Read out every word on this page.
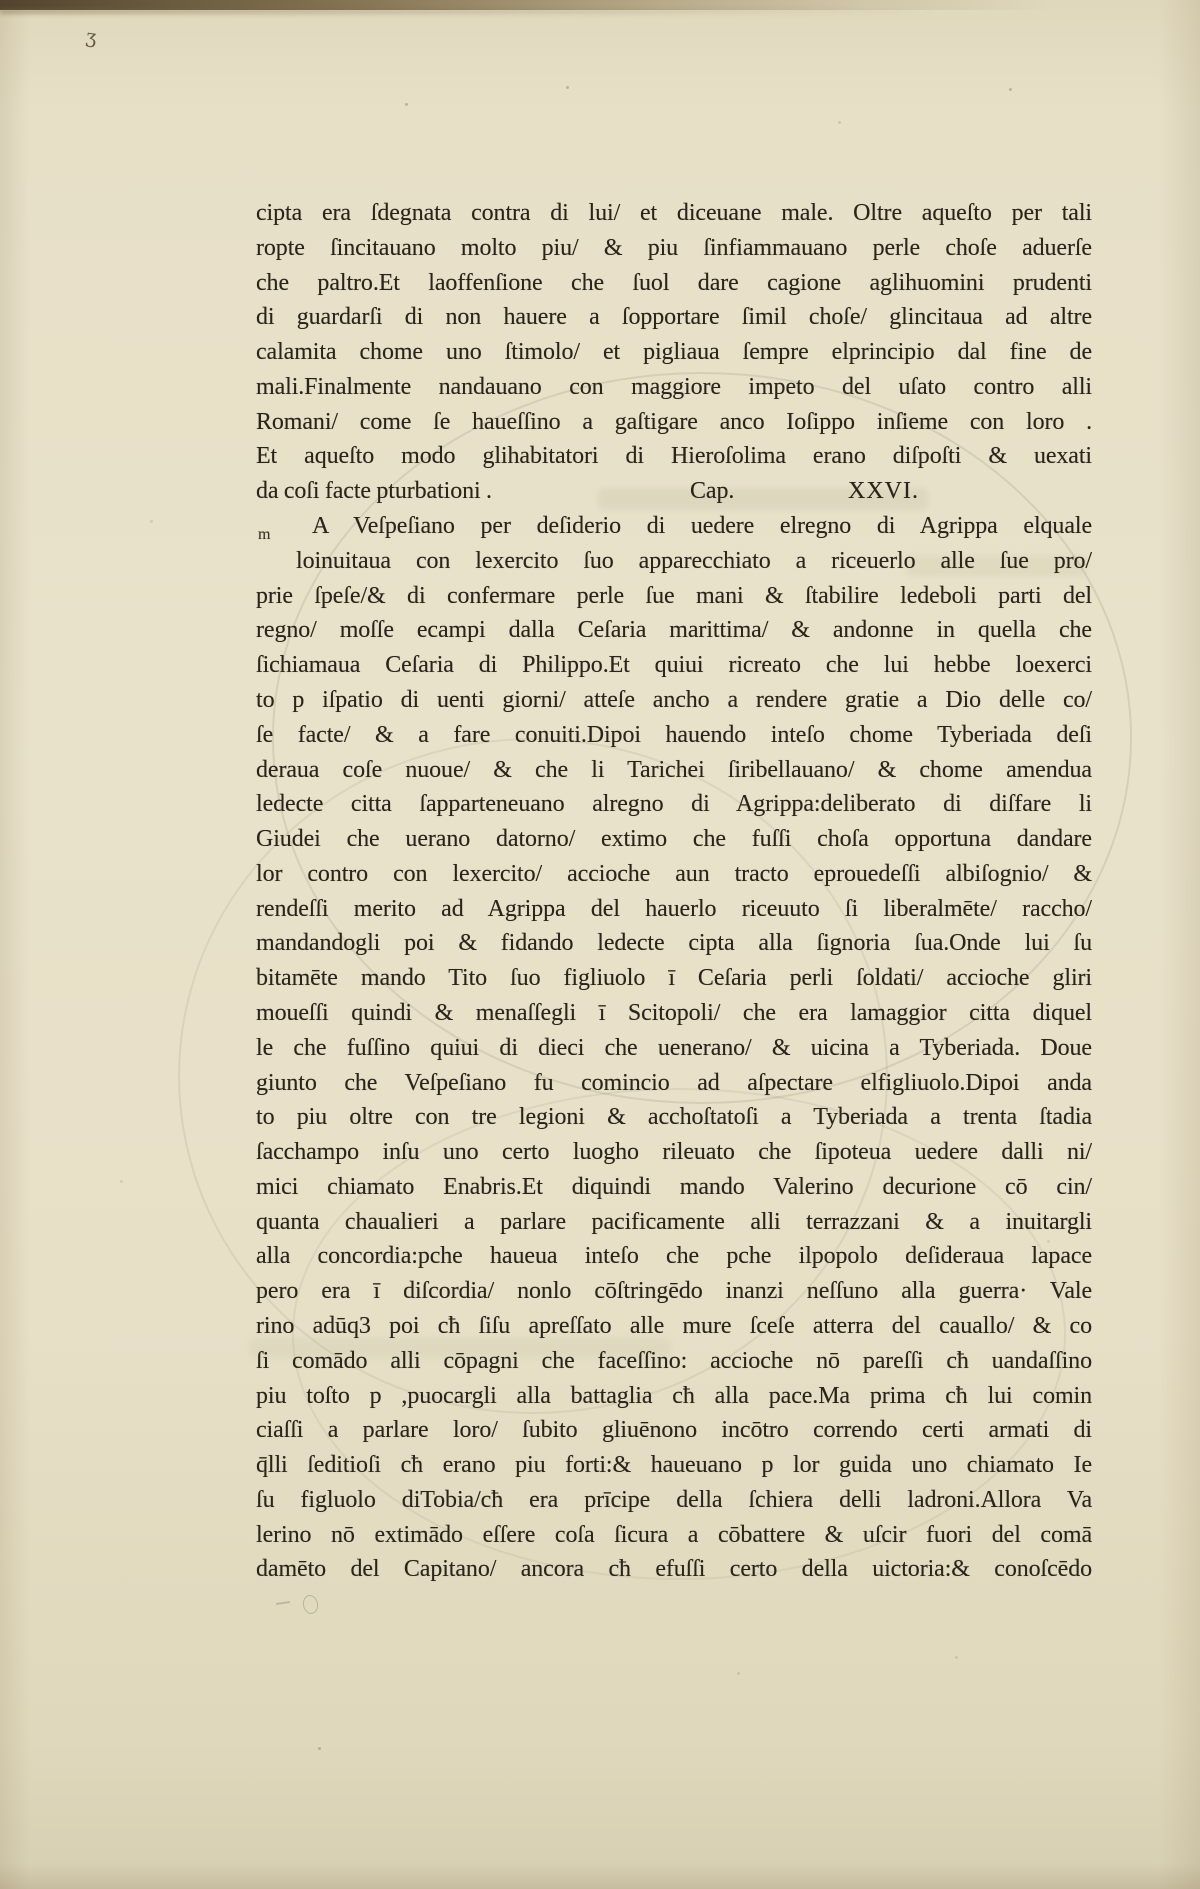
ʒ
cipta era ſdegnata contra di lui/ et diceuane male. Oltre aqueſto per tali
ropte ſincitauano molto piu/ & piu ſinfiammauano perle choſe aduerſe
che paltro.Et laoffenſione che ſuol dare cagione aglihuomini prudenti
di guardarſi di non hauere a ſopportare ſimil choſe/ glincitaua ad altre
calamita chome uno ſtimolo/ et pigliaua ſempre elprincipio dal fine de
mali.Finalmente nandauano con maggiore impeto del uſato contro alli
Romani/ come ſe haueſſino a gaſtigare anco Ioſippo inſieme con loro .
Et aqueſto modo glihabitatori di Hieroſolima erano diſpoſti & uexati
da coſi facte pturbationi .	Cap.	XXVI.
m A Veſpeſiano per deſiderio di uedere elregno di Agrippa elquale
loinuitaua con lexercito ſuo apparecchiato a riceuerlo alle ſue pro/
prie ſpeſe/& di confermare perle ſue mani & ſtabilire ledeboli parti del
regno/ moſſe ecampi dalla Ceſaria marittima/ & andonne in quella che
ſichiamaua Ceſaria di Philippo.Et quiui ricreato che lui hebbe loexerci
to p iſpatio di uenti giorni/ atteſe ancho a rendere gratie a Dio delle co/
ſe facte/ & a fare conuiti.Dipoi hauendo inteſo chome Tyberiada deſi
deraua coſe nuoue/ & che li Tarichei ſiribellauano/ & chome amendua
ledecte citta ſapparteneuano alregno di Agrippa:deliberato di diſfare li
Giudei che uerano datorno/ extimo che fuſſi choſa opportuna dandare
lor contro con lexercito/ accioche aun tracto eprouedeſſi albiſognio/ &
rendeſſi merito ad Agrippa del hauerlo riceuuto ſi liberalmēte/ raccho/
mandandogli poi & fidando ledecte cipta alla ſignoria ſua.Onde lui ſu
bitamēte mando Tito ſuo figliuolo ī Ceſaria perli ſoldati/ accioche gliri
moueſſi quindi & menaſſegli ī Scitopoli/ che era lamaggior citta diquel
le che fuſſino quiui di dieci che uenerano/ & uicina a Tyberiada. Doue
giunto che Veſpeſiano fu comincio ad aſpectare elfigliuolo.Dipoi anda
to piu oltre con tre legioni & acchoſtatoſi a Tyberiada a trenta ſtadia
ſacchampo inſu uno certo luogho rileuato che ſipoteua uedere dalli ni/
mici chiamato Enabris.Et diquindi mando Valerino decurione cō cin/
quanta chaualieri a parlare pacificamente alli terrazzani & a inuitargli
alla concordia:pche haueua inteſo che pche ilpopolo deſideraua lapace
pero era ī diſcordia/ nonlo cōſtringēdo inanzi neſſuno alla guerra· Vale
rino adūq3 poi cħ ſiſu apreſſato alle mure ſceſe atterra del cauallo/ & co
ſi comādo alli cōpagni che faceſſino: accioche nō pareſſi cħ uandaſſino
piu toſto p ,puocargli alla battaglia cħ alla pace.Ma prima cħ lui comin
ciaſſi a parlare loro/ ſubito gliuēnono incōtro correndo certi armati di
q̄lli ſeditioſi cħ erano piu forti:& haueuano p lor guida uno chiamato Ie
ſu figluolo diTobia/cħ era prīcipe della ſchiera delli ladroni.Allora Va
lerino nō extimādo eſſere coſa ſicura a cōbattere & uſcir fuori del comā
damēto del Capitano/ ancora cħ efuſſi certo della uictoria:& conoſcēdo
